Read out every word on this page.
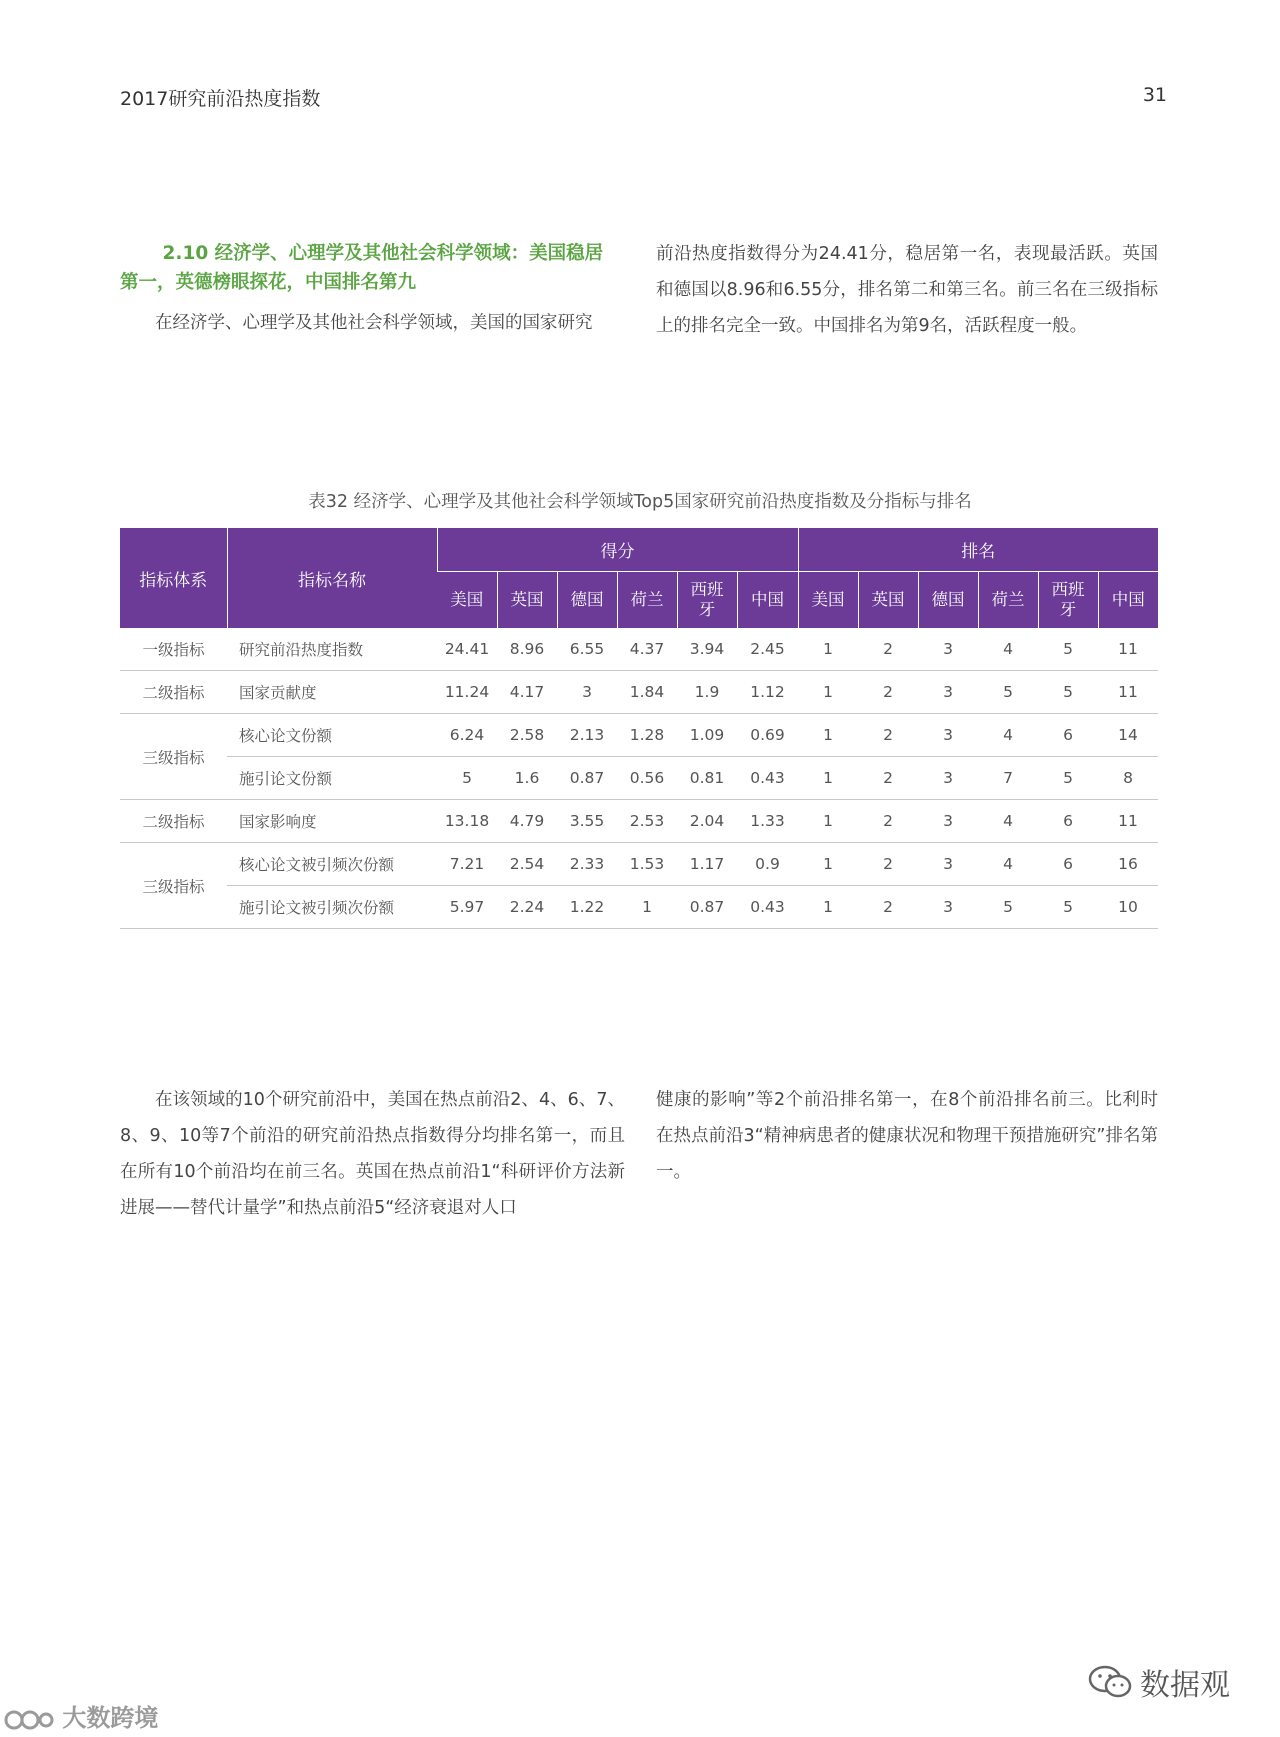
2017研究前沿热度指数	31
2.10 经济学、心理学及其他社会科学领域：美国稳居
第一，英德榜眼探花，中国排名第九

在经济学、心理学及其他社会科学领域，美国的国家研究

前沿热度指数得分为24.41分，稳居第一名，表现最活跃。英国和德国以8.96和6.55分，排名第二和第三名。前三名在三级指标上的排名完全一致。中国排名为第9名，活跃程度一般。

表32 经济学、心理学及其他社会科学领域Top5国家研究前沿热度指数及分指标与排名
指标体系	指标名称	得分						排名					
		美国	英国	德国	荷兰	西班牙	中国	美国	英国	德国	荷兰	西班牙	中国
一级指标	研究前沿热度指数	24.41	8.96	6.55	4.37	3.94	2.45	1	2	3	4	5	11
二级指标	国家贡献度	11.24	4.17	3	1.84	1.9	1.12	1	2	3	5	5	11
三级指标	核心论文份额	6.24	2.58	2.13	1.28	1.09	0.69	1	2	3	4	6	14
	施引论文份额	5	1.6	0.87	0.56	0.81	0.43	1	2	3	7	5	8
二级指标	国家影响度	13.18	4.79	3.55	2.53	2.04	1.33	1	2	3	4	6	11
三级指标	核心论文被引频次份额	7.21	2.54	2.33	1.53	1.17	0.9	1	2	3	4	6	16
	施引论文被引频次份额	5.97	2.24	1.22	1	0.87	0.43	1	2	3	5	5	10

在该领域的10个研究前沿中，美国在热点前沿2、4、6、7、8、9、10等7个前沿的研究前沿热点指数得分均排名第一，而且在所有10个前沿均在前三名。英国在热点前沿1“科研评价方法新进展——替代计量学”和热点前沿5“经济衰退对人口

健康的影响”等2个前沿排名第一，在8个前沿排名前三。比利时在热点前沿3“精神病患者的健康状况和物理干预措施研究”排名第一。

大数跨境
数据观
